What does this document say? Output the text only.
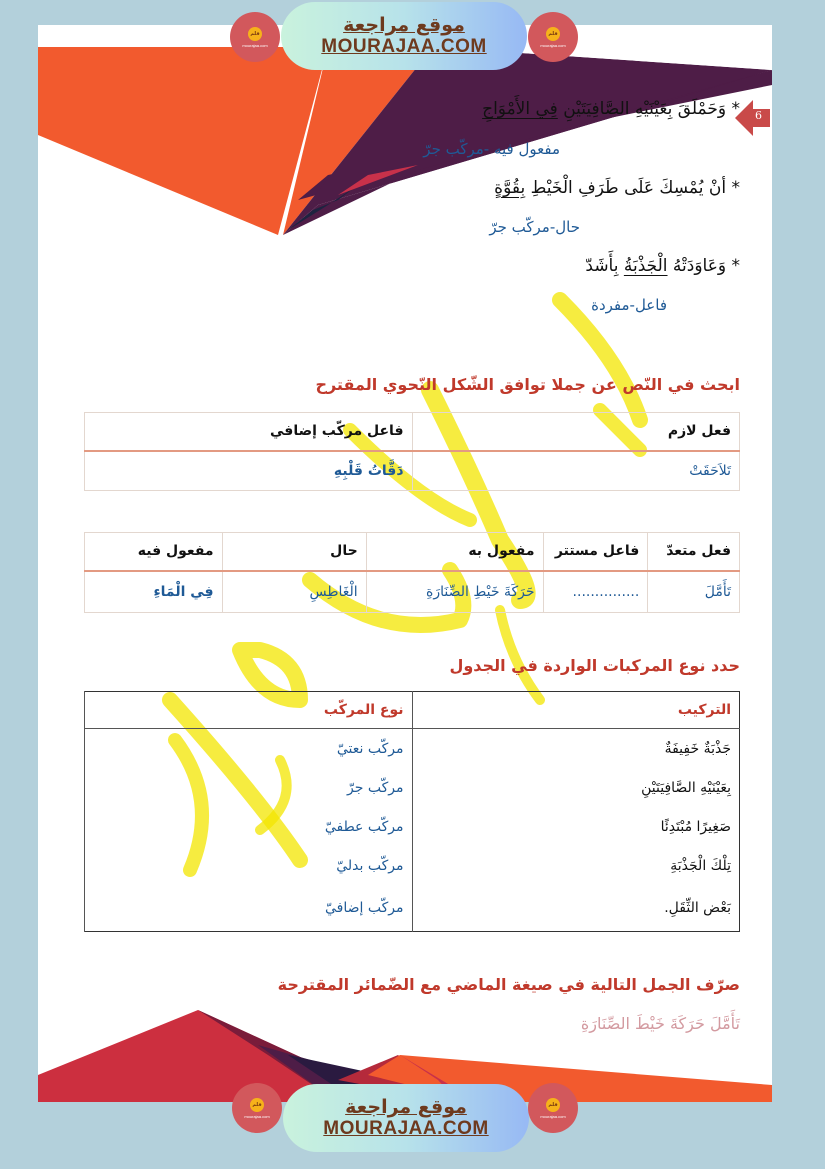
فلم
mourajaa.com
موقع مراجعة
MOURAJAA.COM
فلم
mourajaa.com
6
* وَحَمْلَقَ بِعَيْنَيْهِ الصَّافِيَتَيْنِ فِي الأَمْوَاجِ
مفعول فيه -مركّب جرّ
* أنْ يُمْسِكَ عَلَى طَرَفِ الْخَيْطِ بِقُوَّةٍ
حال-مركّب جرّ
* وَعَاوَدَتْهُ الْجَذْبَةُ بِأَشَدّ
فاعل-مفردة
ابحث في النّص عن جملا توافق الشّكل النّحوي المقترح
فعل لازم	فاعل مركّب إضافي
تَلاَحَقَتْ	دَقَّاتُ قَلْبِهِ
فعل متعدّ	فاعل مستتر	مفعول به	حال	مفعول فيه
تَأَمَّلَ	...............	حَرَكَةَ خَيْطِ الصِّنَارَةِ	الْغَاطِسِ	فِي الْمَاءِ
حدد نوع المركبات الواردة في الجدول
التركيب	نوع المركّب
جَذْبَةٌ خَفِيفَةٌ	مركّب نعتيّ
بِعَيْنَيْهِ الصَّافِيَتَيْنِ	مركّب جرّ
صَغِيرًا مُبْتَدِئًا	مركّب عطفيّ
تِلْكَ الْجَذْبَةِ	مركّب بدليّ
بَعْض الثِّقَلِ.	مركّب إضافيّ
صرّف الجمل التالية في صيغة الماضي مع الضّمائر المقترحة
تَأَمَّلَ حَرَكَةَ خَيْطَ الصِّنَارَةِ
فلم
mourajaa.com	موقع مراجعة
MOURAJAA.COM
فلم
mourajaa.com
